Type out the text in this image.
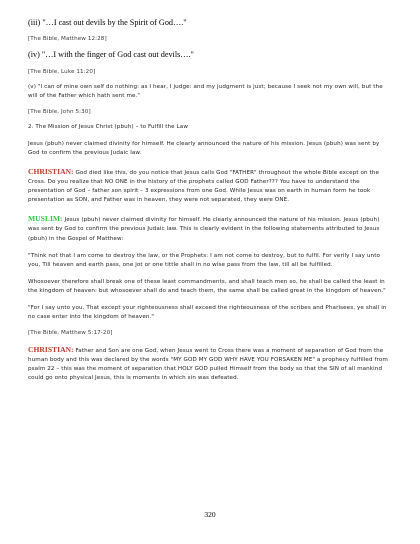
(iii) "…I cast out devils by the Spirit of God…."

[The Bible, Matthew 12:28]

(iv) "…I with the finger of God cast out devils…."

[The Bible, Luke 11:20]

(v) "I can of mine own self do nothing: as I hear, I judge: and my judgment is just; because I seek not my own will, but the will of the Father which hath sent me."

[The Bible, John 5:30]

2. The Mission of Jesus Christ (pbuh) – to Fulfill the Law

Jesus (pbuh) never claimed divinity for himself. He clearly announced the nature of his mission. Jesus (pbuh) was sent by God to confirm the previous Judaic law.

CHRISTIAN: God died like this, do you notice that Jesus calls God "FATHER" throughout the whole Bible except on the Cross. Do you realize that NO ONE in the history of the prophets called GOD Father??? You have to understand the presentation of God – father son spirit – 3 expressions from one God. While Jesus was on earth in human form he took presentation as SON, and Father was in heaven, they were not separated, they were ONE.

MUSLIM: Jesus (pbuh) never claimed divinity for himself. He clearly announced the nature of his mission. Jesus (pbuh) was sent by God to confirm the previous Judaic law. This is clearly evident in the following statements attributed to Jesus (pbuh) in the Gospel of Matthew:

"Think not that I am come to destroy the law, or the Prophets: I am not come to destroy, but to fulfil. For verily I say unto you, Till heaven and earth pass, one jot or one tittle shall in no wise pass from the law, till all be fulfilled.

Whosoever therefore shall break one of these least commandments, and shall teach men so, he shall be called the least in the kingdom of heaven: but whosoever shall do and teach them, the same shall be called great in the kingdom of heaven."

"For I say unto you, That except your righteousness shall exceed the righteousness of the scribes and Pharisees, ye shall in no case enter into the kingdom of heaven."

[The Bible, Matthew 5:17-20]

CHRISTIAN: Father and Son are one God, when Jesus went to Cross there was a moment of separation of God from the human body and this was declared by the words "MY GOD MY GOD WHY HAVE YOU FORSAKEN ME" a prophecy fulfilled from psalm 22 – this was the moment of separation that HOLY GOD pulled Himself from the body so that the SIN of all mankind could go onto physical Jesus, this is moments in which sin was defeated.

320
